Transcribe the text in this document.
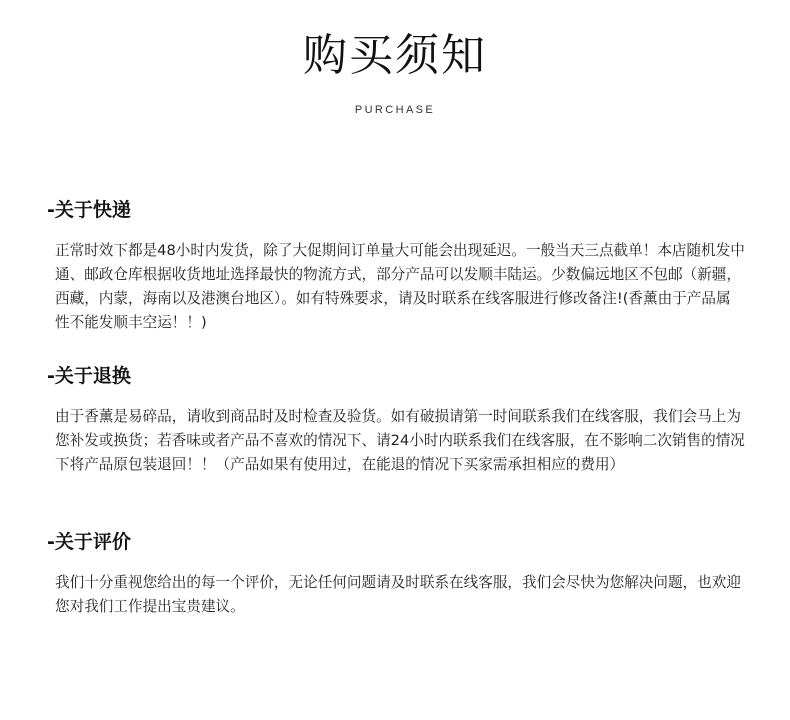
购买须知
PURCHASE
-关于快递

正常时效下都是48小时内发货，除了大促期间订单量大可能会出现延迟。一般当天三点截单！本店随机发中通、邮政仓库根据收货地址选择最快的物流方式，部分产品可以发顺丰陆运。少数偏远地区不包邮（新疆，西藏，内蒙，海南以及港澳台地区）。如有特殊要求，请及时联系在线客服进行修改备注!(香薰由于产品属性不能发顺丰空运！！)

-关于退换

由于香薰是易碎品，请收到商品时及时检查及验货。如有破损请第一时间联系我们在线客服，我们会马上为您补发或换货；若香味或者产品不喜欢的情况下、请24小时内联系我们在线客服，在不影响二次销售的情况下将产品原包装退回！！（产品如果有使用过，在能退的情况下买家需承担相应的费用）

-关于评价

我们十分重视您给出的每一个评价，无论任何问题请及时联系在线客服，我们会尽快为您解决问题，也欢迎您对我们工作提出宝贵建议。
